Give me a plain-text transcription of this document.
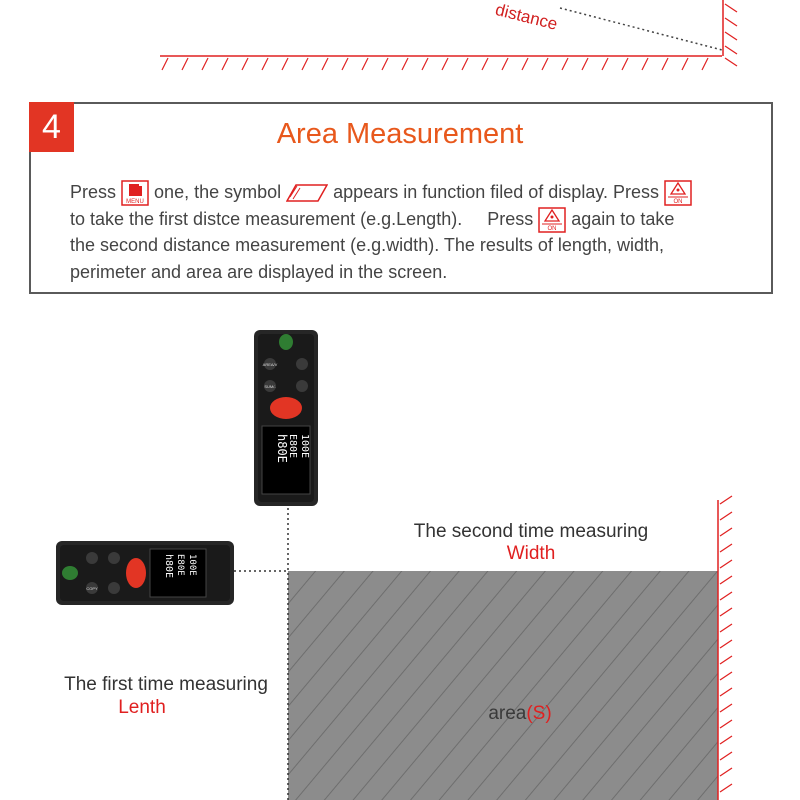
distance
4	Area Measurement
Press
MENU
one, the symbol	appears in function filed of display. Press
ON
to take the first distce measurement (e.g.Length). Press
ON
again to take
the second distance measurement (e.g.width). The results of length, width,
perimeter and area are displayed in the screen.
AREA/V
SUM/-
h80E
E80E 100E
COPY
h80E E80E 100E
The second time measuring
Width
The first time measuring
Lenth	area(S)
